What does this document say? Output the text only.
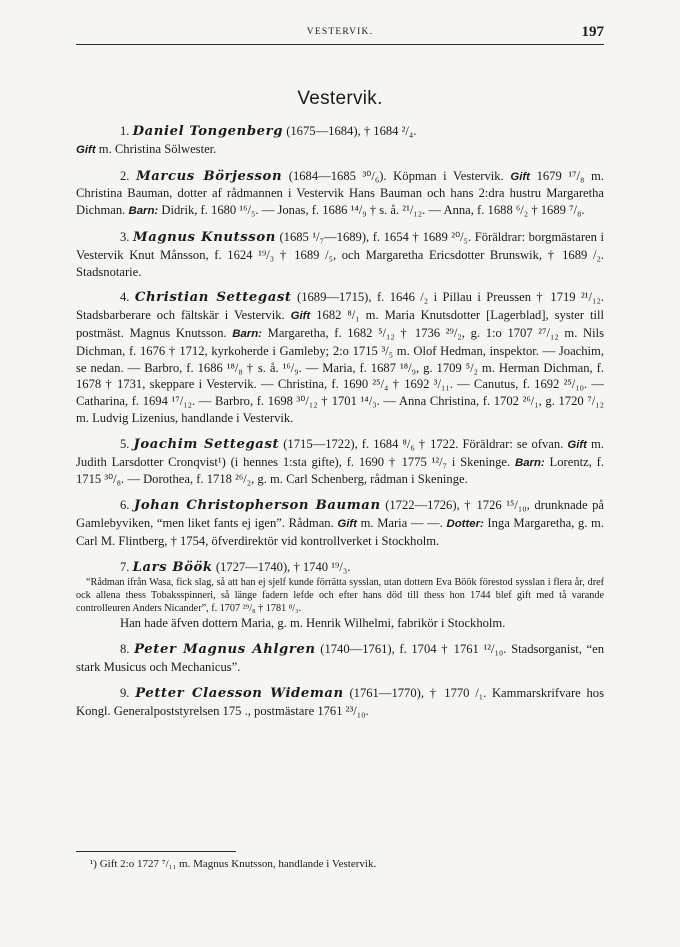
VESTERVIK.	197
Vestervik.
1. Daniel Tongenberg (1675—1684), † 1684 ²/₄.
Gift m. Christina Sölwester.
2. Marcus Börjesson (1684—1685 ³⁰/₆). Köpman i Vestervik. Gift 1679 ¹⁷/₈ m. Christina Bauman, dotter af rådmannen i Vestervik Hans Bauman och hans 2:dra hustru Margaretha Dichman. Barn: Didrik, f. 1680 ¹⁶/₅. — Jonas, f. 1686 ¹⁴/₉ † s. å. ²¹/₁₂. — Anna, f. 1688 ⁶/₂ † 1689 ⁷/₈.
3. Magnus Knutsson (1685 ¹/₇—1689), f. 1654 † 1689 ²⁰/₅. Föräldrar: borgmästaren i Vestervik Knut Månsson, f. 1624 ¹⁹/₃ † 1689 /₅, och Margaretha Ericsdotter Brunswik, † 1689 /₂. Stadsnotarie.
4. Christian Settegast (1689—1715), f. 1646 /₂ i Pillau i Preussen † 1719 ²¹/₁₂. Stadsbarberare och fältskär i Vestervik. Gift 1682 ⁸/₁ m. Maria Knutsdotter [Lagerblad], syster till postmäst. Magnus Knutsson. Barn: Margaretha, f. 1682 ⁵/₁₂ † 1736 ²⁹/₂, g. 1:o 1707 ²⁷/₁₂ m. Nils Dichman, f. 1676 † 1712, kyrkoherde i Gamleby; 2:o 1715 ³/₅ m. Olof Hedman, inspektor. — Joachim, se nedan. — Barbro, f. 1686 ¹⁸/₈ † s. å. ¹⁶/₉. — Maria, f. 1687 ¹⁸/₉, g. 1709 ⁵/₂ m. Herman Dichman, f. 1678 † 1731, skeppare i Vestervik. — Christina, f. 1690 ²⁵/₄ † 1692 ³/₁₁. — Canutus, f. 1692 ²⁵/₁₀. — Catharina, f. 1694 ¹⁷/₁₂. — Barbro, f. 1698 ³⁰/₁₂ † 1701 ¹⁴/₃. — Anna Christina, f. 1702 ²⁶/₁, g. 1720 ⁷/₁₂ m. Ludvig Lizenius, handlande i Vestervik.
5. Joachim Settegast (1715—1722), f. 1684 ⁸/₆ † 1722. Föräldrar: se ofvan. Gift m. Judith Larsdotter Cronqvist¹) (i hennes 1:sta gifte), f. 1690 † 1775 ¹²/₇ i Skeninge. Barn: Lorentz, f. 1715 ³⁰/₈. — Dorothea, f. 1718 ²⁶/₂, g. m. Carl Schenberg, rådman i Skeninge.
6. Johan Christopherson Bauman (1722—1726), † 1726 ¹⁵/₁₀, drunknade på Gamlebyviken, “men liket fants ej igen”. Rådman. Gift m. Maria — —. Dotter: Inga Margaretha, g. m. Carl M. Flintberg, † 1754, öfverdirektör vid kontrollverket i Stockholm.
7. Lars Böök (1727—1740), † 1740 ¹⁹/₃.
“Rådman ifrån Wasa, fick slag, så att han ej sjelf kunde förrätta sysslan, utan dottern Eva Böök förestod sysslan i flera år, dref ock allena thess Tobaksspinneri, så länge fadern lefde och efter hans död till thess hon 1744 blef gift med tå varande controlleuren Anders Nicander”, f. 1707 ²⁹/₈ † 1781 ⁸/₃.
Han hade äfven dottern Maria, g. m. Henrik Wilhelmi, fabrikör i Stockholm.
8. Peter Magnus Ahlgren (1740—1761), f. 1704 † 1761 ¹²/₁₀. Stadsorganist, “en stark Musicus och Mechanicus”.
9. Petter Claesson Wideman (1761—1770), † 1770 /₁. Kammarskrifvare hos Kongl. Generalpoststyrelsen 175 ., postmästare 1761 ²³/₁₀.
¹) Gift 2:o 1727 ⁷/₁₁ m. Magnus Knutsson, handlande i Vestervik.
